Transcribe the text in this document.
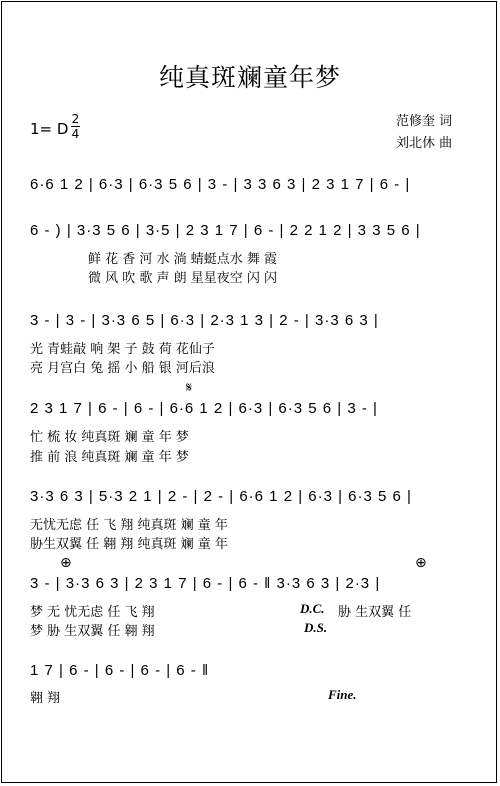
纯真斑斓童年梦
1= D
2
4
范修奎 词
刘北休 曲
6·6 1 2 | 6·3 | 6·3 5 6 | 3 - | 3 3 6 3 | 2 3 1 7 | 6 - |
6 - ) | 3·3 5 6 | 3·5 | 2 3 1 7 | 6 - | 2 2 1 2 | 3 3 5 6 |
鲜 花 香 河 水 淌 蜻蜓点水 舞 霞
微 风 吹 歌 声 朗 星星夜空 闪 闪
3 - | 3 - | 3·3 6 5 | 6·3 | 2·3 1 3 | 2 - | 3·3 6 3 |
光 青蛙敲 响 架 子 鼓 荷 花仙子
亮 月宫白 兔 摇 小 船 银 河后浪
𝄋
2 3 1 7 | 6 - | 6 - | 6·6 1 2 | 6·3 | 6·3 5 6 | 3 - |
忙 梳 妆 纯真斑 斓 童 年 梦
推 前 浪 纯真斑 斓 童 年 梦
3·3 6 3 | 5·3 2 1 | 2 - | 2 - | 6·6 1 2 | 6·3 | 6·3 5 6 |
无忧无虑 任 飞 翔 纯真斑 斓 童 年
胁生双翼 任 翱 翔 纯真斑 斓 童 年
⊕	⊕
3 - | 3·3 6 3 | 2 3 1 7 | 6 - | 6 - ‖ 3·3 6 3 | 2·3 |
梦 无 忧无虑 任 飞 翔
梦 胁 生双翼 任 翱 翔
D.C. 胁 生双翼 任
D.S.
1 7 | 6 - | 6 - | 6 - | 6 - ‖
翱 翔	Fine.
